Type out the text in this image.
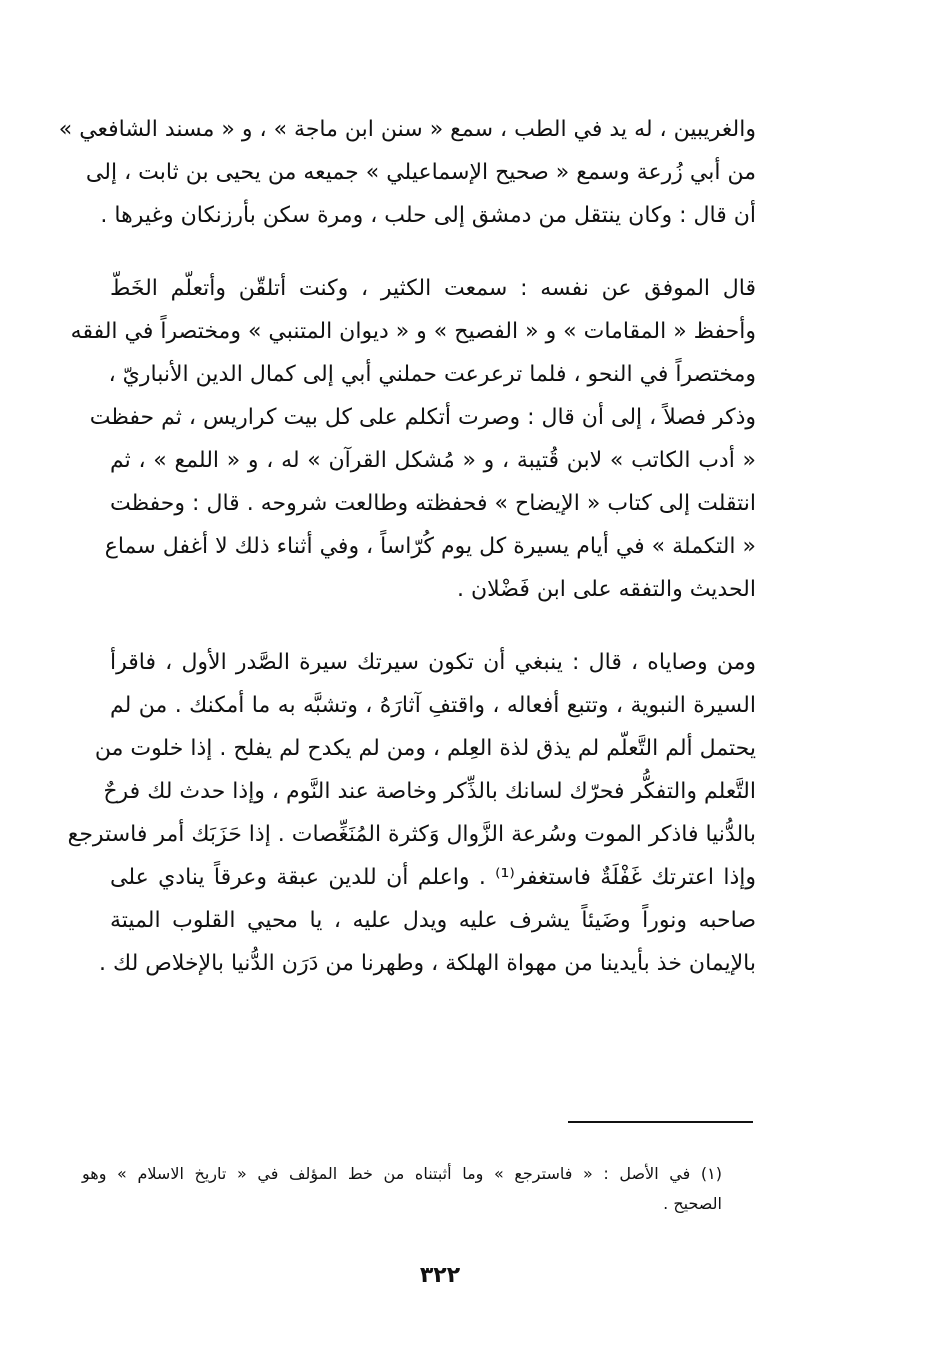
والغريبين ، له يد في الطب ، سمع « سنن ابن ماجة » ، و « مسند الشافعي »
من أبي زُرعة وسمع « صحيح الإسماعيلي » جميعه من يحيى بن ثابت ، إلى
أن قال : وكان ينتقل من دمشق إلى حلب ، ومرة سكن بأرزنكان وغيرها .
قال الموفق عن نفسه : سمعت الكثير ، وكنت أتلقّن وأتعلّم الخَطّ
وأحفظ « المقامات » و « الفصيح » و « ديوان المتنبي » ومختصراً في الفقه
ومختصراً في النحو ، فلما ترعرعت حملني أبي إلى كمال الدين الأنباريّ ،
وذكر فصلاً ، إلى أن قال : وصرت أتكلم على كل بيت كراريس ، ثم حفظت
« أدب الكاتب » لابن قُتيبة ، و « مُشكل القرآن » له ، و « اللمع » ، ثم
انتقلت إلى كتاب « الإيضاح » فحفظته وطالعت شروحه . قال : وحفظت
« التكملة » في أيام يسيرة كل يوم كُرّاساً ، وفي أثناء ذلك لا أغفل سماع
الحديث والتفقه على ابن فَضْلان .
ومن وصاياه ، قال : ينبغي أن تكون سيرتك سيرة الصَّدر الأول ، فاقرأ
السيرة النبوية ، وتتبع أفعاله ، واقتفِ آثارَهُ ، وتشبَّه به ما أمكنك . من لم
يحتمل ألم التَّعلّم لم يذق لذة العِلم ، ومن لم يكدح لم يفلح . إذا خلوت من
التَّعلم والتفكُّر فحرّك لسانك بالذِّكر وخاصة عند النَّوم ، وإذا حدث لك فرحٌ
بالدُّنيا فاذكر الموت وسُرعة الزَّوال وَكثرة المُنَغِّصات . إذا حَزَبَك أمر فاسترجع
وإذا اعترتك غَفْلَةٌ فاستغفر⁽¹⁾ . واعلم أن للدين عبقة وعرقاً ينادي على
صاحبه ونوراً وضَيئاً يشرف عليه ويدل عليه ، يا محيي القلوب الميتة
بالإيمان خذ بأيدينا من مهواة الهلكة ، وطهرنا من دَرَن الدُّنيا بالإخلاص لك .
(١) في الأصل : « فاسترجع » وما أثبتناه من خط المؤلف في « تاريخ الاسلام » وهو
الصحيح .
٣٢٢
